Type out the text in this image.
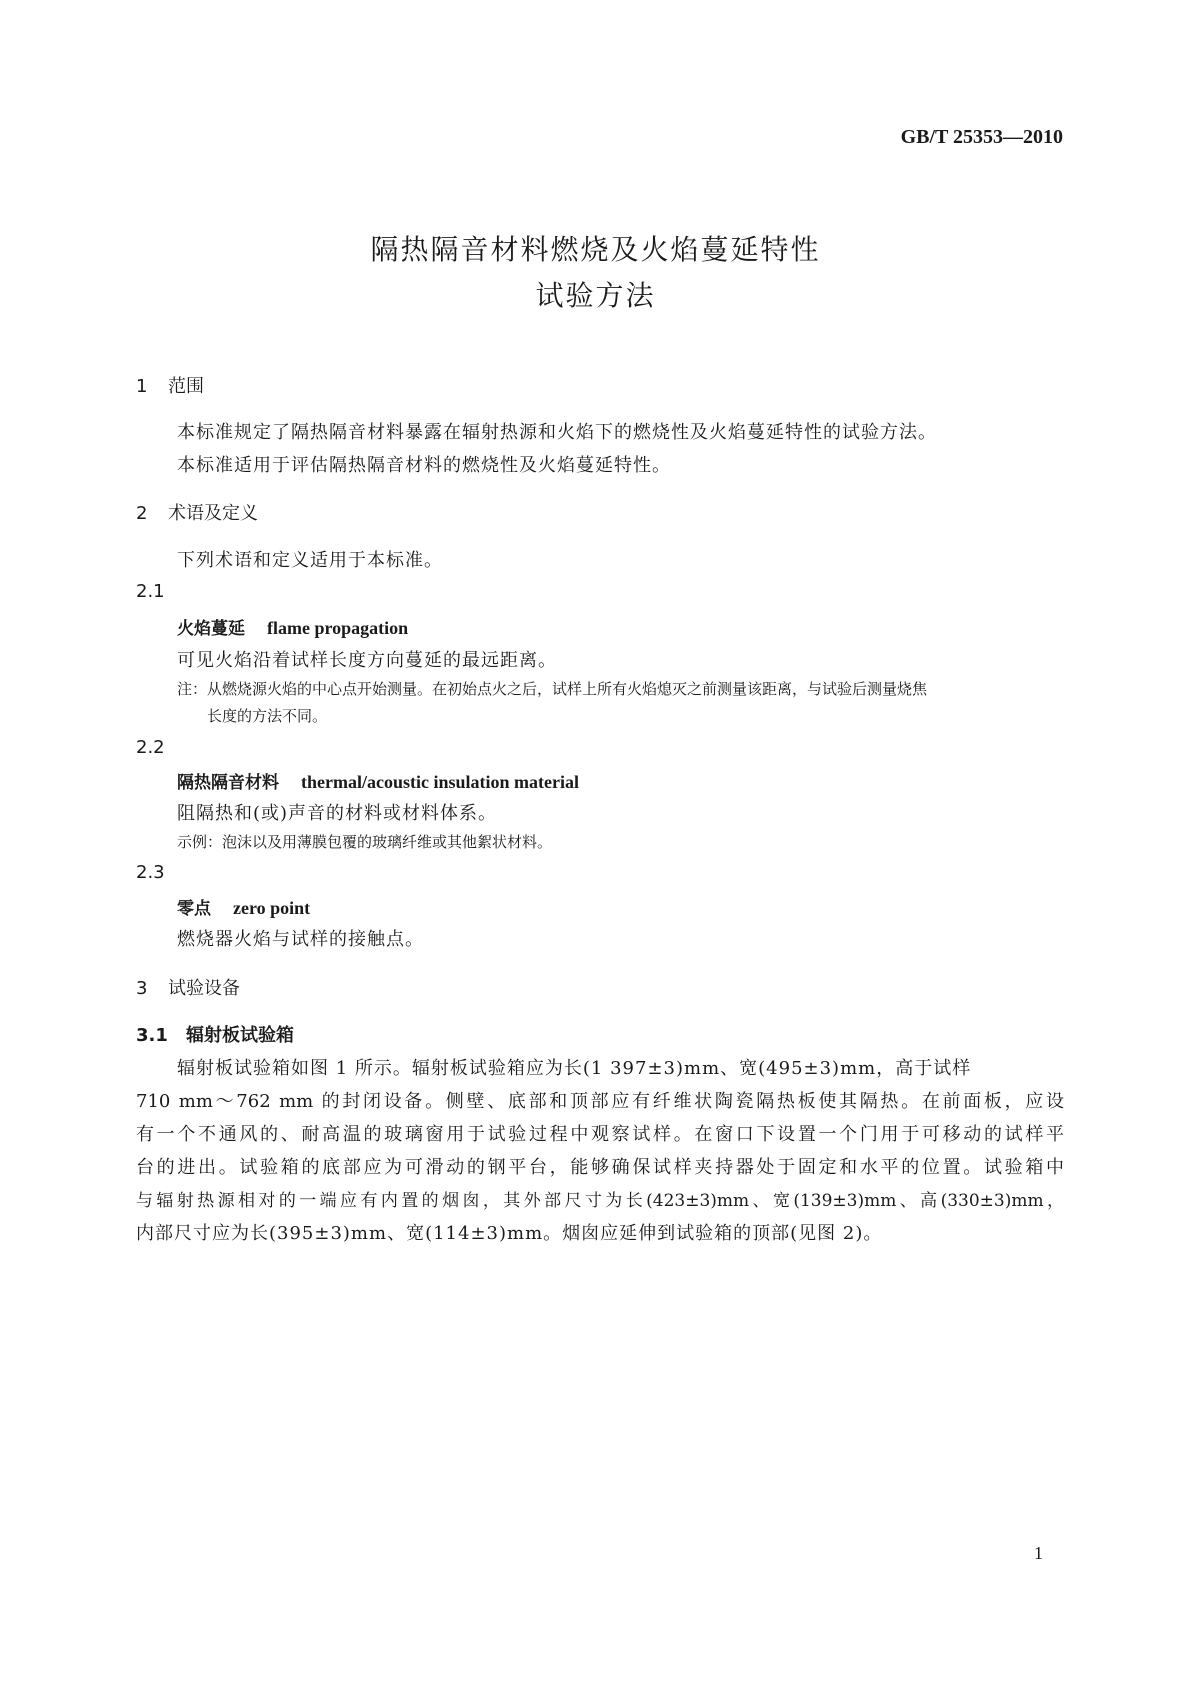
GB/T 25353—2010
隔热隔音材料燃烧及火焰蔓延特性
试验方法
1 范围
本标准规定了隔热隔音材料暴露在辐射热源和火焰下的燃烧性及火焰蔓延特性的试验方法。
本标准适用于评估隔热隔音材料的燃烧性及火焰蔓延特性。
2 术语及定义
下列术语和定义适用于本标准。
2.1
火焰蔓延 flame propagation
可见火焰沿着试样长度方向蔓延的最远距离。
注：从燃烧源火焰的中心点开始测量。在初始点火之后，试样上所有火焰熄灭之前测量该距离，与试验后测量烧焦
长度的方法不同。
2.2
隔热隔音材料 thermal/acoustic insulation material
阻隔热和(或)声音的材料或材料体系。
示例：泡沫以及用薄膜包覆的玻璃纤维或其他絮状材料。
2.3
零点 zero point
燃烧器火焰与试样的接触点。
3 试验设备
3.1 辐射板试验箱
辐射板试验箱如图 1 所示。辐射板试验箱应为长(1 397±3)mm、宽(495±3)mm，高于试样
710 mm～762 mm 的封闭设备。侧壁、底部和顶部应有纤维状陶瓷隔热板使其隔热。在前面板，应设
有一个不通风的、耐高温的玻璃窗用于试验过程中观察试样。在窗口下设置一个门用于可移动的试样平
台的进出。试验箱的底部应为可滑动的钢平台，能够确保试样夹持器处于固定和水平的位置。试验箱中
与辐射热源相对的一端应有内置的烟囱，其外部尺寸为长(423±3)mm、宽(139±3)mm、高(330±3)mm，
内部尺寸应为长(395±3)mm、宽(114±3)mm。烟囱应延伸到试验箱的顶部(见图 2)。
1
